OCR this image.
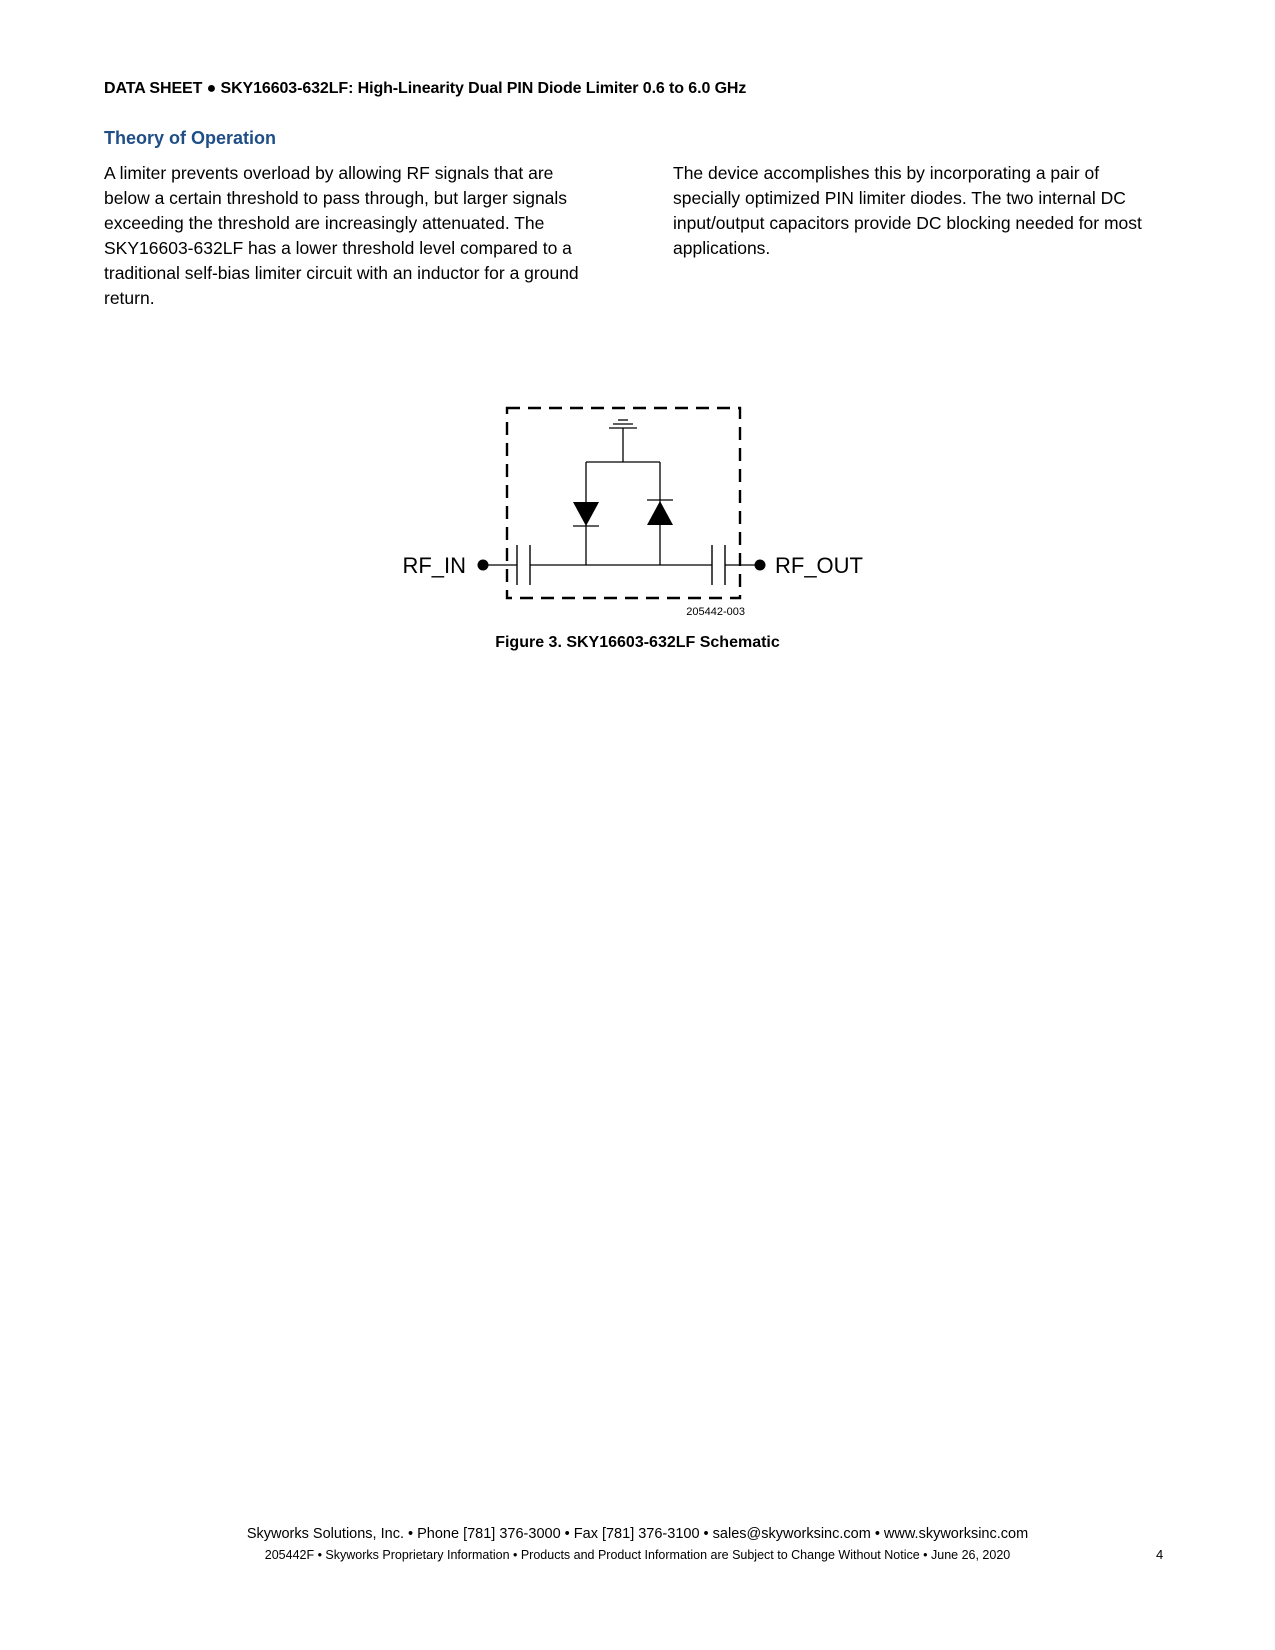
DATA SHEET ● SKY16603-632LF: High-Linearity Dual PIN Diode Limiter 0.6 to 6.0 GHz
Theory of Operation
A limiter prevents overload by allowing RF signals that are
below a certain threshold to pass through, but larger signals
exceeding the threshold are increasingly attenuated. The
SKY16603-632LF has a lower threshold level compared to a
traditional self-bias limiter circuit with an inductor for a ground
return.
The device accomplishes this by incorporating a pair of
specially optimized PIN limiter diodes. The two internal DC
input/output capacitors provide DC blocking needed for most
applications.
RF_IN	RF_OUT
205442-003
Figure 3. SKY16603-632LF Schematic
Skyworks Solutions, Inc. • Phone [781] 376-3000 • Fax [781] 376-3100 • sales@skyworksinc.com • www.skyworksinc.com
205442F • Skyworks Proprietary Information • Products and Product Information are Subject to Change Without Notice • June 26, 2020	4
